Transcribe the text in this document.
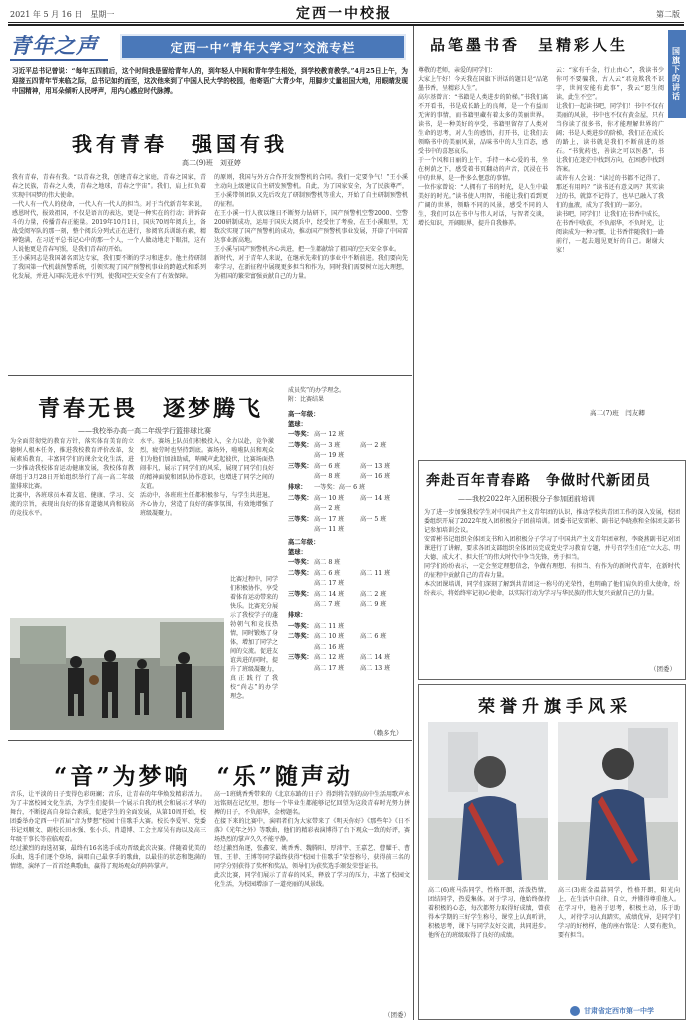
2021 年 5 月 16 日　星期一	定西一中校报	第二版
青年之声	定西一中“青年大学习”交流专栏
习近平总书记曾说：“每年五四前后，这个时间我是留给青年人的，到年轻人中间和青年学生相处，到学校教育教学。”4月25日上午，为迎接五四青年节来临之际，总书记如约而至，这次他来到了中国人民大学的校园，他寄语广大青少年，用脚步丈量祖国大地，用眼睛发现中国精神，用耳朵倾听人民呼声，用内心感应时代脉搏。
我有青春　强国有我
高二(9)班　刘亚婷
我有青春，青春有我。“以青春之我，创建青春之家庭，青春之国家，青春之民族，青春之人类，青春之地球，青春之宇宙”。我们，肩上扛负着实现中国梦的伟大使命。
一代人有一代人的使命，一代人有一代人的担当。对于当代新青年来说，感恩时代，报效祖国，不仅是语言的表达，更是一种实在的行动；讲诉奋斗的力量，传播青春正能量。2019年10月1日，国庆70周年阅兵上，备战受阅军队的那一刻，整个阅兵分列式正在进行，参阅官兵训练有素，精神饱满，在习近平总书记心中的那一个人，一个人做动地走下眼泪，这有人说他更是青春写照，是我们青春的开始。
王小溪同志是我国著名雷达专家，我们要不断的学习和进步。他主持研制了我国第一代机载预警系统，引领实现了国产预警机事业的跨越式和系列化发展，并进入国际先进水平行列，使我国空天安全有了有效保障。
的原则，我国与外方合作开发预警机的合同。我们一定要争气！”王小溪主动向上级建议自主研发预警机。自此，为了国家安全，为了民族尊严，王小溪带领团队又先后攻克了研制预警机等重大，开始了自主研制预警机的征程。
在王小溪一行人夜以继日不断努力钻研下，国产预警机空警2000、空警200研制成功，运用于国庆大阅兵中，经受住了考验，在王小溪眼里，无数次实现了国产预警机的成功，推动国产预警机事业发展，开辟了中国雷达事业新高地。
王小溪与国产预警机齐心共进，把一生都献给了祖国的空天安全事业。
新时代，对于青年人来说，在继承先辈们的事业中不断前进。我们要向先辈学习，在新征程中展现更多担当和作为，同时我们需要树立远大理想，为祖国的繁荣富强贡献自己的力量。
青春无畏　逐梦腾飞
——我校举办高一高二年级学行篮排球比赛
为全面贯彻党的教育方针，落实体育美育的立德树人根本任务，推进我校教育评价改革，发展素质教育，丰富同学们的课余文化生活，进一步推动我校体育运动健康发展，我校体育教研组于3月28日开始组织举行了高一高二年级篮排球比赛。
比赛中，各班球员本着友谊、健康、学习、交流的宗旨，表现出良好的体育道德风尚和较高的竞技水平。
水平。赛场上队员们积极投入，全力以赴，竞争激烈，疲劳时也坚持到底。赛场外，啦啦队员和观众们为他们加油助威，呐喊声此起彼伏，比赛场面热闹非凡，展示了同学们的风采，展现了同学们良好的精神面貌和团队协作意识，也增进了同学之间的友谊。
活动中，各班班主任都积极参与，与学生共进退，齐心协力，营造了良好的赛事氛围，有效地增强了班级凝聚力。
比赛过程中，同学们积极协作，享受着体育运动带来的快乐。比赛充分展示了我校学子的蓬勃朝气和竞技热情，同时锻炼了身体，增加了同学之间的交流。促进友谊共进的同时，提升了班级凝聚力，真正践行了我校“尚志”的办学理念。
成员奖”的办学理念。
附：比赛结果
高一年级：
篮球：
一等奖： 高一 12 班
二等奖： 高一 3 班	高一 2 班
高一 19 班
三等奖： 高一 6 班	高一 13 班
高一 8 班	高一 16 班
排球：	一等奖：高一 6 班
二等奖： 高一 10 班	高一 14 班
高一 2 班
三等奖： 高一 17 班	高一 5 班
高一 11 班
高二年级：
篮球：
一等奖： 高二 8 班
二等奖： 高二 6 班	高二 11 班
高二 17 班
三等奖： 高二 14 班	高二 2 班
高二 7 班	高二 9 班
排球：
一等奖： 高二 11 班
二等奖： 高二 10 班	高二 6 班
高二 16 班
三等奖： 高二 12 班	高二 14 班
高二 17 班	高二 13 班
（赖多允）
“音”为梦响　“乐”随声动
音乐，让平淡的日子变得色彩斑斓；音乐，让青春的年华焕发精彩活力。为了丰富校园文化生活，为学生们提供一个展示自我的机会和展示才华的舞台，不断提高自身综合素质，促进学生的全面发展，从第10周开始，校团委举办定西一中首届“音为梦想”校园十佳歌手大赛。校长李爱军、党委书记刘顺文、副校长田永强、张小兵、肖道博、工会主席吴有海以及高三年级干事长等莅临观看。
经过激烈的海选初赛，最终有16名选手成功晋级此次决赛。伴随着优美的乐曲，选手们逐个登场，演唱自己最拿手的歌曲，以最佳的状态和饱满的情绪，演绎了一首首经典歌曲，赢得了现场观众的阵阵掌声。
高一1班姚香秀带来的《北京东路的日子》得到将告别的高中生活用歌声永远铭刻在记忆里，想每一个毕业生都能够记忆回望为这段青春时光努力拼搏的日子，不负韶华，金榜题名。
在接下来的比赛中，演唱者们为大家带来了《明天你好》《那些年》《日不落》《光年之外》等歌曲，他们的精彩表演博得了台下观众一致的好评，赛场热烈的掌声久久不能平静。
经过激烈角逐，张鑫安、姚香秀、魏腾阳、厚沛宇、王嘉艺、曹耀千、曹钮、王菲、王博等同学最终获得“校园十佳歌手”荣誉称号，获得前三名的同学分别获得了奖杯和奖品，领导们为获奖选手颁发荣誉证书。
此次比赛，同学们展示了青春的风采，释放了学习的压力，丰富了校园文化生活，为校园增添了一道亮丽的风景线。
（团委）
品笔墨书香　呈精彩人生
国旗下的讲话
尊敬的老师，亲爱的同学们：
大家上午好！今天我在国旗下讲话的题目是“品笔墨书香，呈精彩人生”。
高尔基曾言：“书籍是人类进步的阶梯。”书我们离不开看书，书是成长路上的良师，是一个有益而无害的事情，而书籍里藏有着太多的美丽世界。读书，是一种美好的享受，书籍里留存了人类对生命的思考，对人生的感悟，打开书，让我们去领略书中的美丽风景，品味书中的人生百态，感受书中的喜怒哀乐。
于一个风和日丽的上午，手持一本心爱的书，坐在树荫之下，感受着书页翻动的声音，沉浸在书中的世界，是一件多么惬意的事情。
一位作家曾说：“人拥有了书的时光，是人生中最美好的时光。”读书使人明智，书能让我们看到更广阔的世界，领略不同的风景，感受不同的人生，我们可以在书中与伟人对话，与智者交谈，增长知识，开阔眼界，提升自我修养。
云：“家有千金，行止由心”，我读书少你可不要骗我，古人云“君竟欺我不识字，世间安能有此事”，我云“愿生阅读，此生不空”。
让我们一起读书吧，同学们！书中不仅有美丽的风景，书中也不仅有黄金屋，只有当你读了很多书，你才能理解世界的广阔；书是人类进步的阶梯，我们正在成长的路上，读书就是我们不断前进的基石。“书犹药也，善读之可以医愚”，书让我们在迷茫中找到方向，在困惑中找到答案。
或许有人会说：“读过的书都不记得了，那还有用吗？”读书还有意义吗？其实读过的书，就算不记得了，也早已融入了我们的血液，成为了我们的一部分。
读书吧，同学们！让我们在书香中成长，在书香中收获，不负韶华，不负时光，让阅读成为一种习惯，让书香伴随我们一路前行，一起去遇见更好的自己。谢谢大家！
高二(7)班　闫友卿
奔赴百年青春路　争做时代新团员
——我校2022年入团积极分子参加团前培训
为了进一步加强我校学生对中国共产主义青年团的认识，推动学校共青团工作的深入发展，校团委组织开展了2022年度入团积极分子团前培训。团委书记安雷彬、副书记李晓燕和全体团支部书记参加培训会议。
安雷彬书记组织全体团支书和入团积极分子学习了中国共产主义青年团章程，李晓燕副书记对团课进行了讲解，要求各团支部组织全体团员完成党史学习教育专题，并号召学生们在“立大志、明大德、成大才、担大任”的伟大时代中争当先锋，勇于担当。
同学们纷纷表示，一定会坚定理想信念，争做有理想、有担当、有作为的新时代青年，在新时代的征程中贡献自己的青春力量。
本次团课培训，同学们深刻了解到共青团这一称号的光荣性，也明确了他们肩负的重大使命，纷纷表示，将始终牢记初心使命，以实际行动为学习与华民族的伟大复兴贡献自己的力量。
（团委）
荣誉升旗手风采
高二(6)班马浩同学，性格开朗，活泼热情，团结同学，热爱集体。对于学习，他始终保持着积极的心态，每次都努力取得好成绩，曾获得本学期的三好学生称号，课堂上认真听讲，积极思考，课下与同学友好交流，共同进步。他所在的班级取得了良好的成绩。
高三(3)班金温喆同学，性格开朗，阳光向上，在生活中自律、自立，并懂得尊重他人。在学习中，他善于思考，积极主动，乐于助人，对待学习认真踏实，成绩优异，是同学们学习的好榜样，他的座右铭是：人要有抱负，要有担当。
甘肃省定西市第一中学
